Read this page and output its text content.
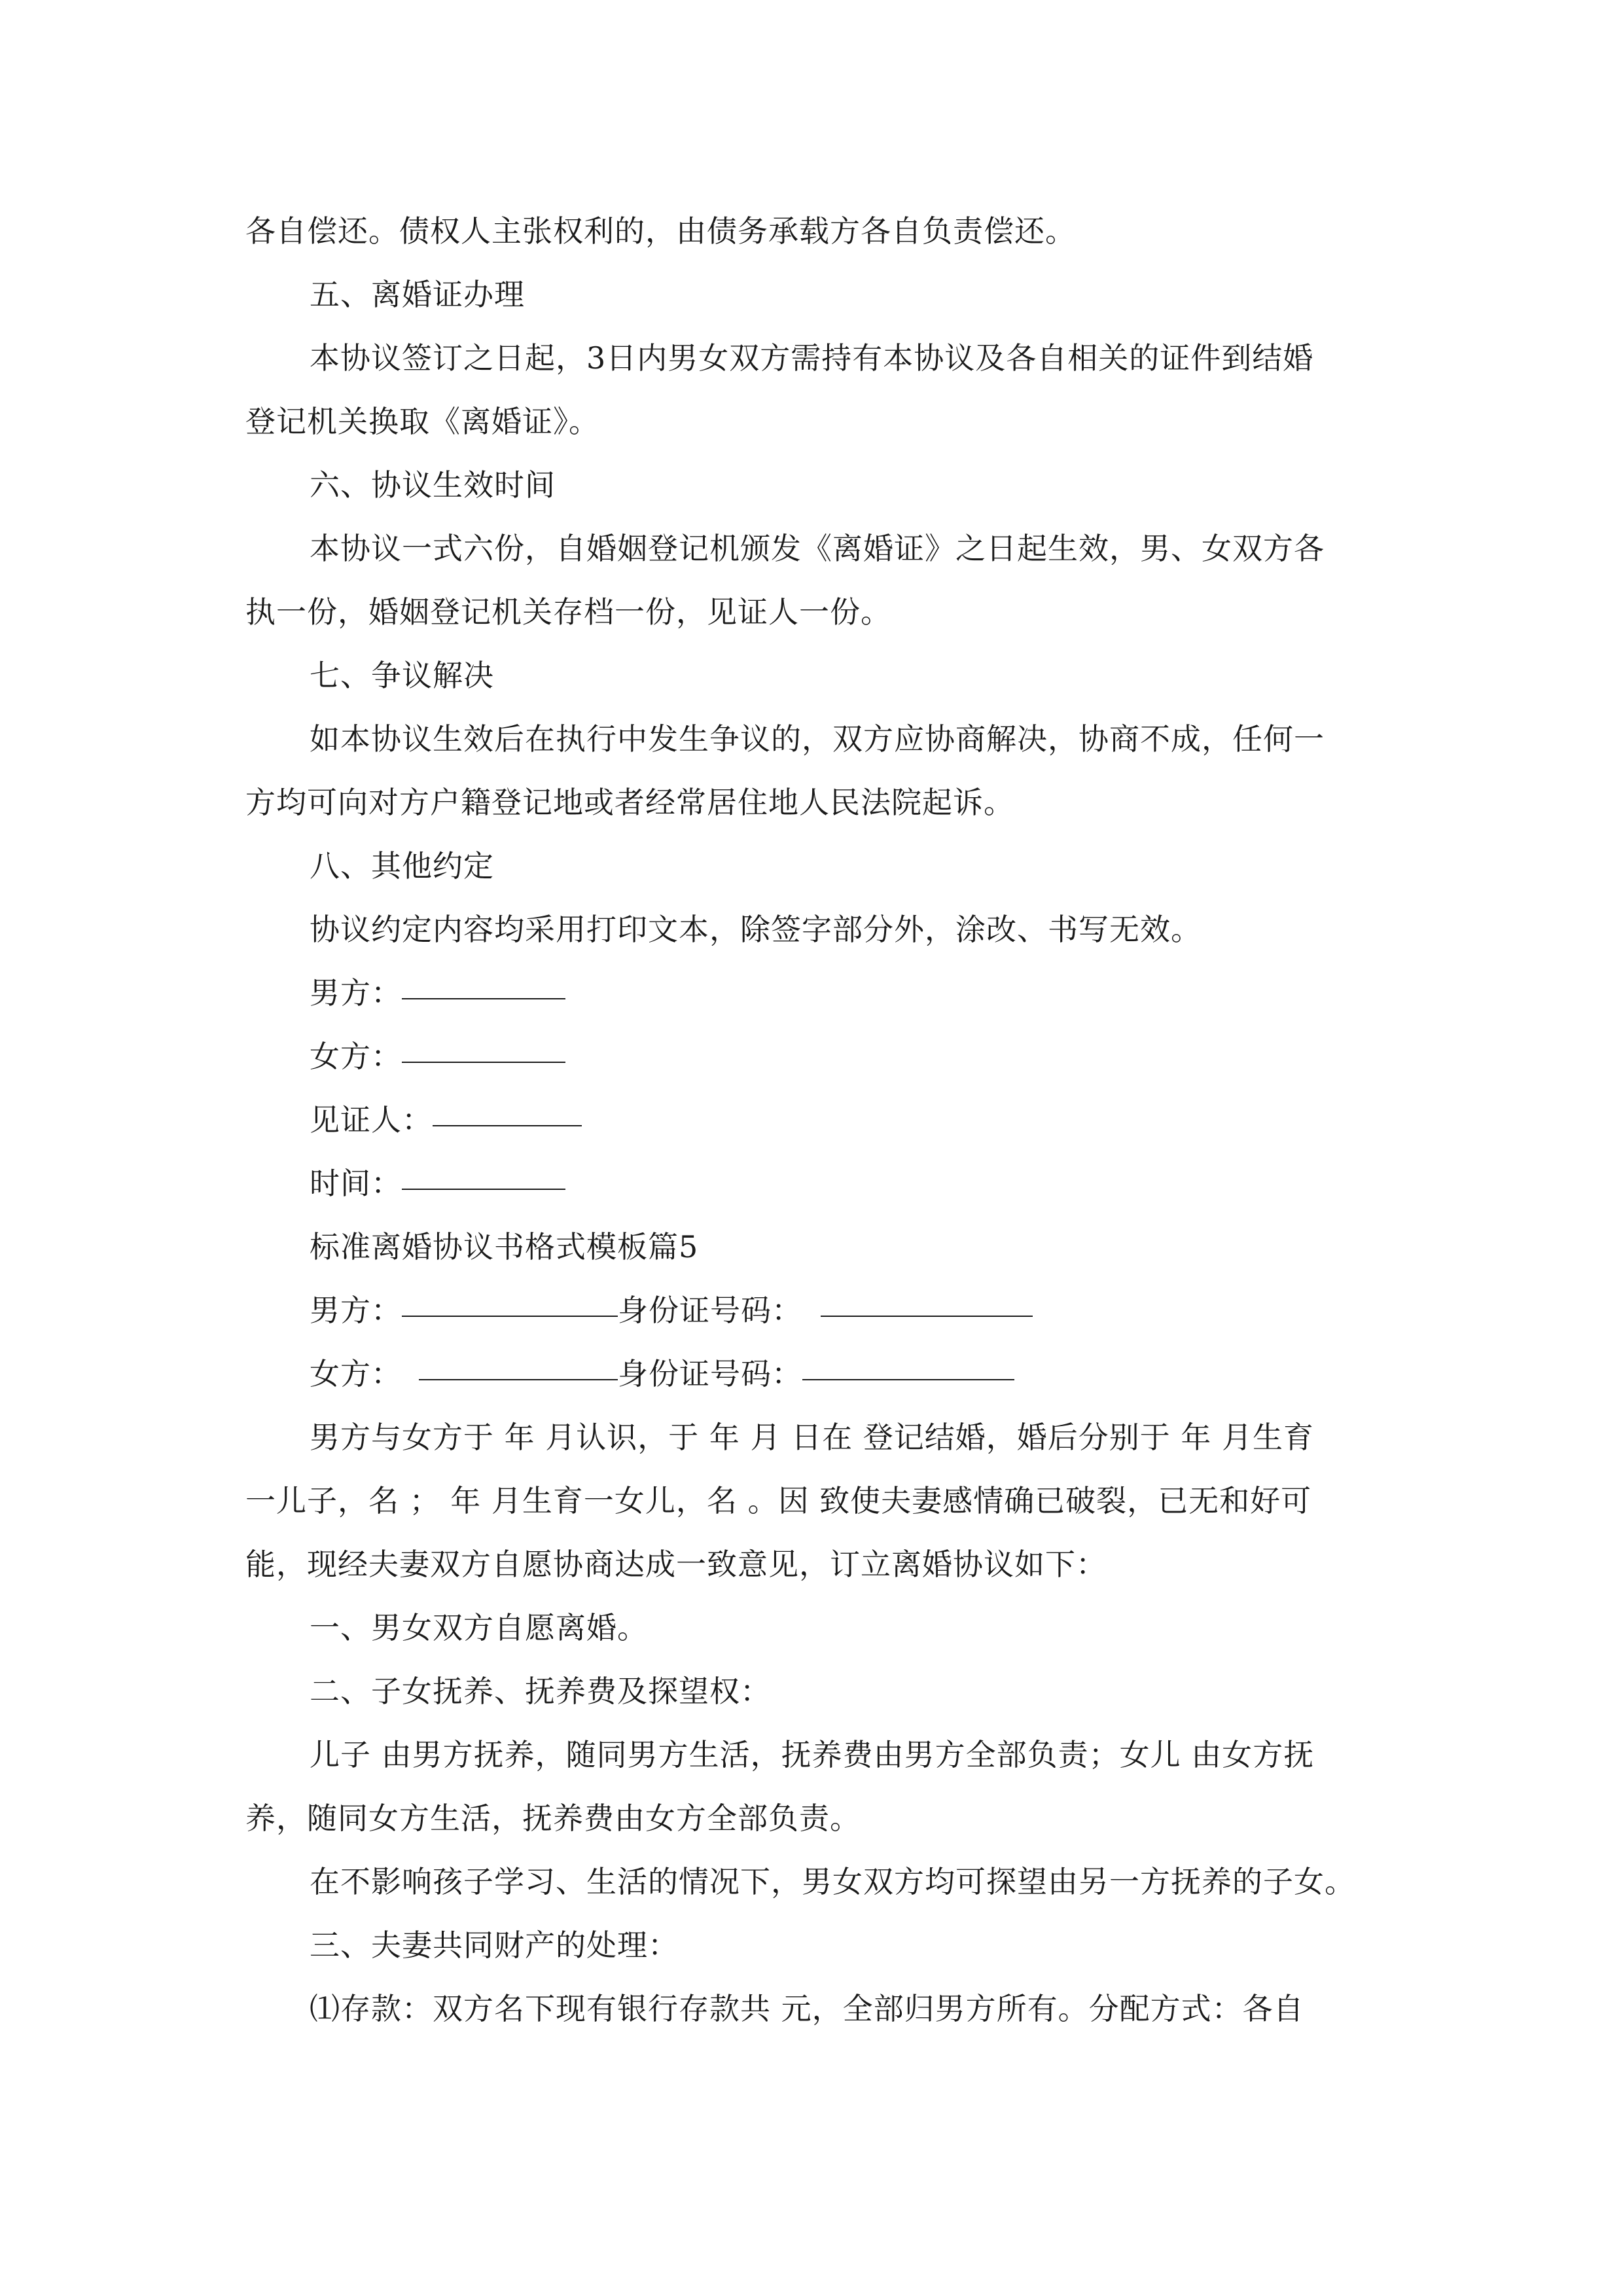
各自偿还。债权人主张权利的，由债务承载方各自负责偿还。
五、离婚证办理
本协议签订之日起，3日内男女双方需持有本协议及各自相关的证件到结婚
登记机关换取《离婚证》。
六、协议生效时间
本协议一式六份，自婚姻登记机颁发《离婚证》之日起生效，男、女双方各
执一份，婚姻登记机关存档一份，见证人一份。
七、争议解决
如本协议生效后在执行中发生争议的，双方应协商解决，协商不成，任何一
方均可向对方户籍登记地或者经常居住地人民法院起诉。
八、其他约定
协议约定内容均采用打印文本，除签字部分外，涂改、书写无效。
男方：
女方：
见证人：
时间：
标准离婚协议书格式模板篇5
男方：	身份证号码：
女方：	身份证号码：
男方与女方于 年 月认识，于 年 月 日在 登记结婚，婚后分别于 年 月生育
一儿子，名 ； 年 月生育一女儿，名 。因 致使夫妻感情确已破裂，已无和好可
能，现经夫妻双方自愿协商达成一致意见，订立离婚协议如下：
一、男女双方自愿离婚。
二、子女抚养、抚养费及探望权：
儿子 由男方抚养，随同男方生活，抚养费由男方全部负责；女儿 由女方抚
养，随同女方生活，抚养费由女方全部负责。
在不影响孩子学习、生活的情况下，男女双方均可探望由另一方抚养的子女。
三、夫妻共同财产的处理：
⑴存款：双方名下现有银行存款共 元，全部归男方所有。分配方式：各自
